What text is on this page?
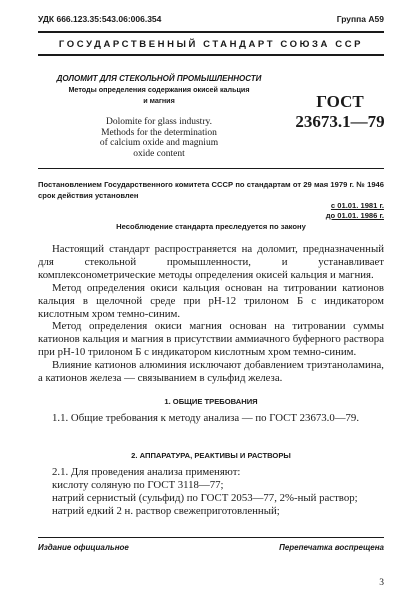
УДК 666.123.35:543.06:006.354	Группа А59
ГОСУДАРСТВЕННЫЙ СТАНДАРТ СОЮЗА ССР
ДОЛОМИТ ДЛЯ СТЕКОЛЬНОЙ ПРОМЫШЛЕННОСТИ
Методы определения содержания окисей кальция
и магния
Dolomite for glass industry.
Methods for the determination
of calcium oxide and magnium
oxide content
ГОСТ
23673.1—79
Постановлением Государственного комитета СССР по стандартам от 29 мая 1979 г. № 1946 срок действия установлен
с 01.01. 1981 г.
до 01.01. 1986 г.
Несоблюдение стандарта преследуется по закону

Настоящий стандарт распространяется на доломит, предназначенный для стекольной промышленности, и устанавливает комплексонометрические методы определения окисей кальция и магния.

Метод определения окиси кальция основан на титровании катионов кальция в щелочной среде при pH-12 трилоном Б с индикатором кислотным хром темно-синим.

Метод определения окиси магния основан на титровании суммы катионов кальция и магния в присутствии аммиачного буферного раствора при pH-10 трилоном Б с индикатором кислотным хром темно-синим.

Влияние катионов алюминия исключают добавлением триэтаноламина, а катионов железа — связыванием в сульфид железа.

1. ОБЩИЕ ТРЕБОВАНИЯ

1.1. Общие требования к методу анализа — по ГОСТ 23673.0—79.

2. АППАРАТУРА, РЕАКТИВЫ И РАСТВОРЫ

2.1. Для проведения анализа применяют:

кислоту соляную по ГОСТ 3118—77;

натрий сернистый (сульфид) по ГОСТ 2053—77, 2%-ный раствор;

натрий едкий 2 н. раствор свежеприготовленный;

Издание официальное	Перепечатка воспрещена
3
